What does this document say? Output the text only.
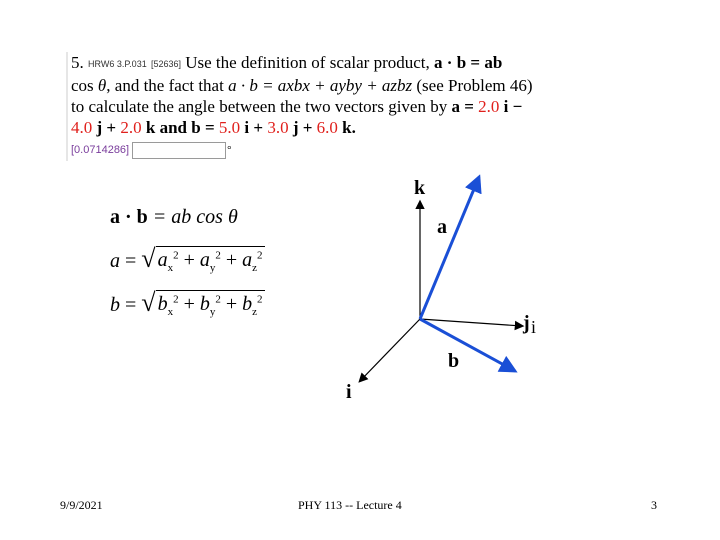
5. HRW6 3.P.031 [52636] Use the definition of scalar product, a · b = ab
cos θ, and the fact that a · b = axbx + ayby + azbz (see Problem 46)
to calculate the angle between the two vectors given by a = 2.0 i −
4.0 j + 2.0 k and b = 5.0 i + 3.0 j + 6.0 k.
[0.0714286]	°
a · b = ab cos θ
a = √ $a_x^2 + a_y^2 + a_z^2$
b = √ $b_x^2 + b_y^2 + b_z^2$
k
a
j i
b
i
9/9/2021	PHY 113 -- Lecture 4	3
